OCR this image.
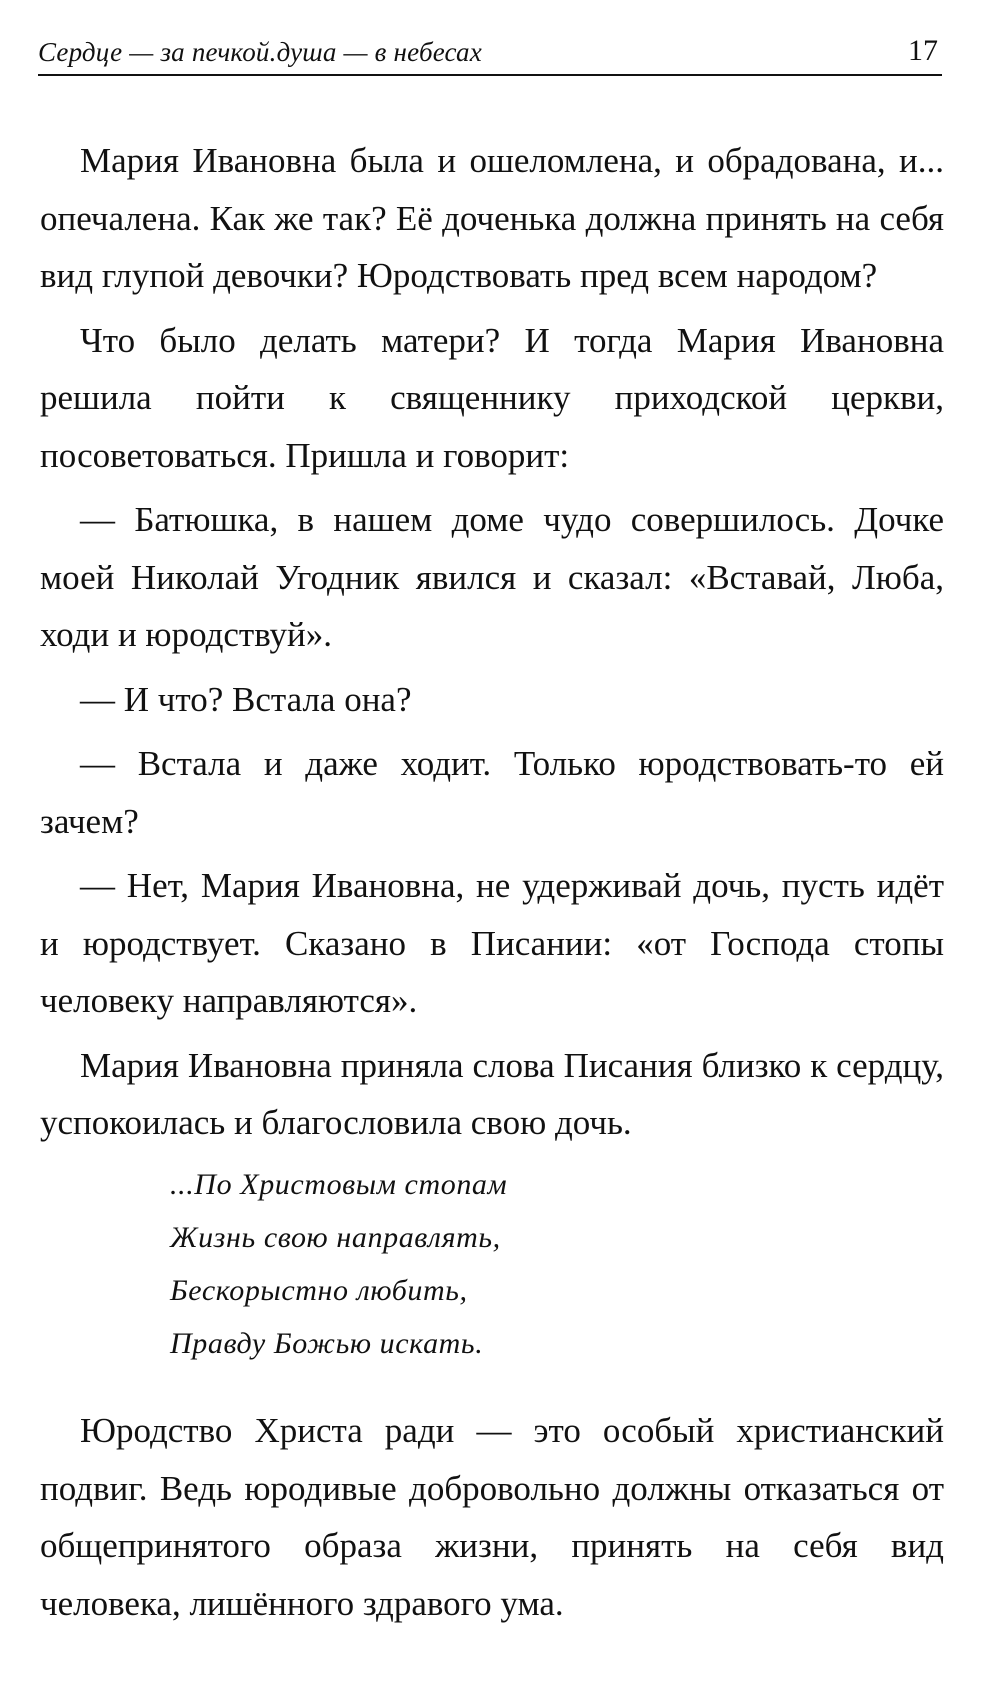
Сердце — за печкой.душа — в небесах	17

Мария Ивановна была и ошеломлена, и обрадована, и... опечалена. Как же так? Её доченька должна принять на себя вид глупой девочки? Юродствовать пред всем народом?

Что было делать матери? И тогда Мария Ивановна решила пойти к священнику приходской церкви, посоветоваться. Пришла и говорит:

— Батюшка, в нашем доме чудо совершилось. Дочке моей Николай Угодник явился и сказал: «Вставай, Люба, ходи и юродствуй».

— И что? Встала она?

— Встала и даже ходит. Только юродствовать-то ей зачем?

— Нет, Мария Ивановна, не удерживай дочь, пусть идёт и юродствует. Сказано в Писании: «от Господа стопы человеку направляются».

Мария Ивановна приняла слова Писания близко к сердцу, успокоилась и благословила свою дочь.

...По Христовым стопам
Жизнь свою направлять,
Бескорыстно любить,
Правду Божью искать.

Юродство Христа ради — это особый христианский подвиг. Ведь юродивые добровольно должны отказаться от общепринятого образа жизни, принять на себя вид человека, лишённого здравого ума.
